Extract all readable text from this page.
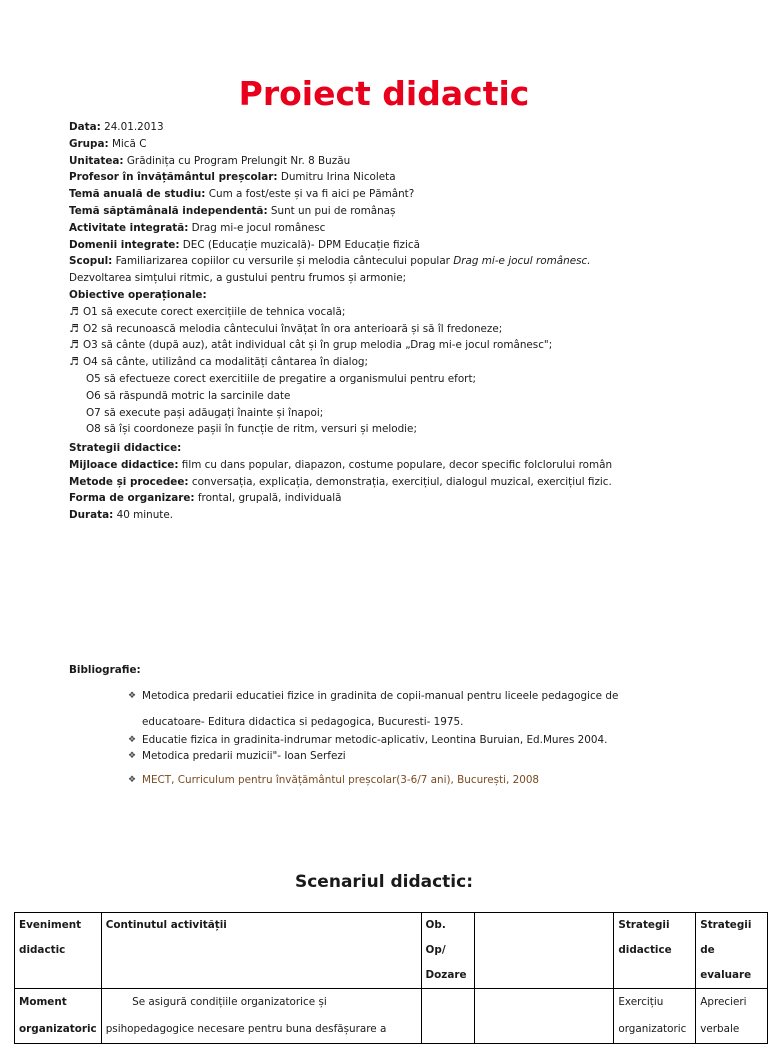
Proiect didactic
Data: 24.01.2013
Grupa: Mică C
Unitatea: Grădinița cu Program Prelungit Nr. 8 Buzău
Profesor în învățământul preșcolar: Dumitru Irina Nicoleta
Temă anuală de studiu: Cum a fost/este și va fi aici pe Pământ?
Temă săptămânală independentă: Sunt un pui de românaș
Activitate integrată: Drag mi-e jocul românesc
Domenii integrate: DEC (Educație muzicală)- DPM Educație fizică
Scopul: Familiarizarea copiilor cu versurile și melodia cântecului popular Drag mi-e jocul românesc.
Dezvoltarea simțului ritmic, a gustului pentru frumos și armonie;
Obiective operaționale:
♬ O1 să execute corect exercițiile de tehnica vocală;
♬ O2 să recunoască melodia cântecului învățat în ora anterioară și să îl fredoneze;
♬ O3 să cânte (după auz), atât individual cât și în grup melodia „Drag mi-e jocul românesc";
♬ O4 să cânte, utilizând ca modalități cântarea în dialog;
O5 să efectueze corect exercitiile de pregatire a organismului pentru efort;
O6 să răspundă motric la sarcinile date
O7 să execute pași adăugați înainte și înapoi;
O8 să își coordoneze pașii în funcție de ritm, versuri și melodie;
Strategii didactice:
Mijloace didactice: film cu dans popular, diapazon, costume populare, decor specific folclorului român
Metode și procedee: conversația, explicația, demonstrația, exercițiul, dialogul muzical, exercițiul fizic.
Forma de organizare: frontal, grupală, individuală
Durata: 40 minute.
Bibliografie:
❖ Metodica predarii educatiei fizice in gradinita de copii-manual pentru liceele pedagogice de
educatoare- Editura didactica si pedagogica, Bucuresti- 1975.
❖ Educatie fizica in gradinita-indrumar metodic-aplicativ, Leontina Buruian, Ed.Mures 2004.
❖ Metodica predarii muzicii"- Ioan Serfezi
❖ MECT, Curriculum pentru învățământul preșcolar(3-6/7 ani), București, 2008
Scenariul didactic:
Eveniment
didactic	Continutul activității	Ob.
Op/
Dozare		Strategii
didactice	Strategii
de evaluare

Moment
organizatoric	Se asigură condițiile organizatorice și
psihopedagogice necesare pentru buna desfășurare a			Exercițiu
organizatoric	Aprecieri
verbale
